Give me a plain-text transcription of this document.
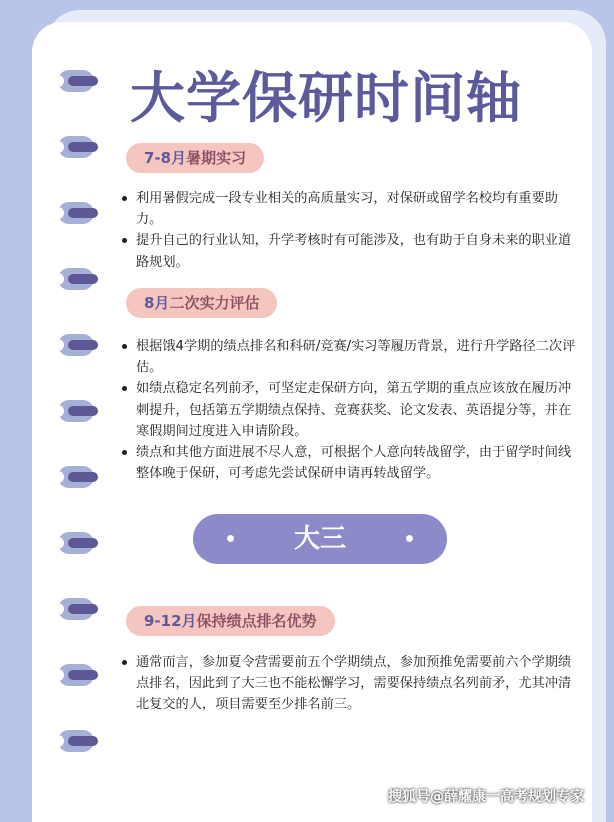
大学保研时间轴
7-8月暑期实习
利用暑假完成一段专业相关的高质量实习，对保研或留学名校均有重要助力。
提升自己的行业认知，升学考核时有可能涉及，也有助于自身未来的职业道路规划。
8月二次实力评估
根据饿4学期的绩点排名和科研/竞赛/实习等履历背景，进行升学路径二次评估。
如绩点稳定名列前矛，可坚定走保研方向，第五学期的重点应该放在履历冲刺提升，包括第五学期绩点保持、竞赛获奖、论文发表、英语提分等，并在寒假期间过度进入申请阶段。
绩点和其他方面进展不尽人意，可根据个人意向转战留学，由于留学时间线整体晚于保研，可考虑先尝试保研申请再转战留学。
大三
9-12月保持绩点排名优势
通常而言，参加夏令营需要前五个学期绩点，参加预推免需要前六个学期绩点排名，因此到了大三也不能松懈学习，需要保持绩点名列前矛，尤其冲清北复交的人，项目需要至少排名前三。
搜狐号@薛耀康一高考规划专家
